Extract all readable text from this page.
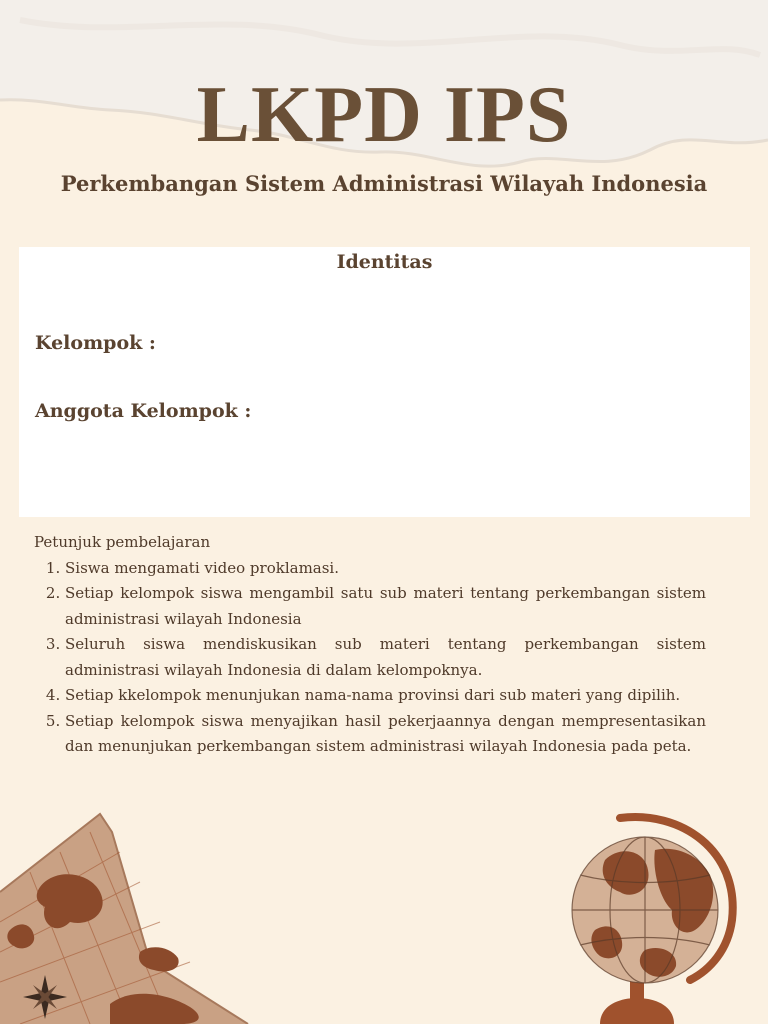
LKPD IPS
Perkembangan Sistem Administrasi Wilayah Indonesia
Identitas
Kelompok :
Anggota Kelompok :

Petunjuk pembelajaran

1. Siswa mengamati video proklamasi.
2. Setiap kelompok siswa mengambil satu sub materi tentang perkembangan sistem administrasi wilayah Indonesia
3. Seluruh siswa mendiskusikan sub materi tentang perkembangan sistem administrasi wilayah Indonesia di dalam kelompoknya.
4. Setiap kkelompok menunjukan nama-nama provinsi dari sub materi yang dipilih.
5. Setiap kelompok siswa menyajikan hasil pekerjaannya dengan mempresentasikan dan menunjukan perkembangan sistem administrasi wilayah Indonesia pada peta.
